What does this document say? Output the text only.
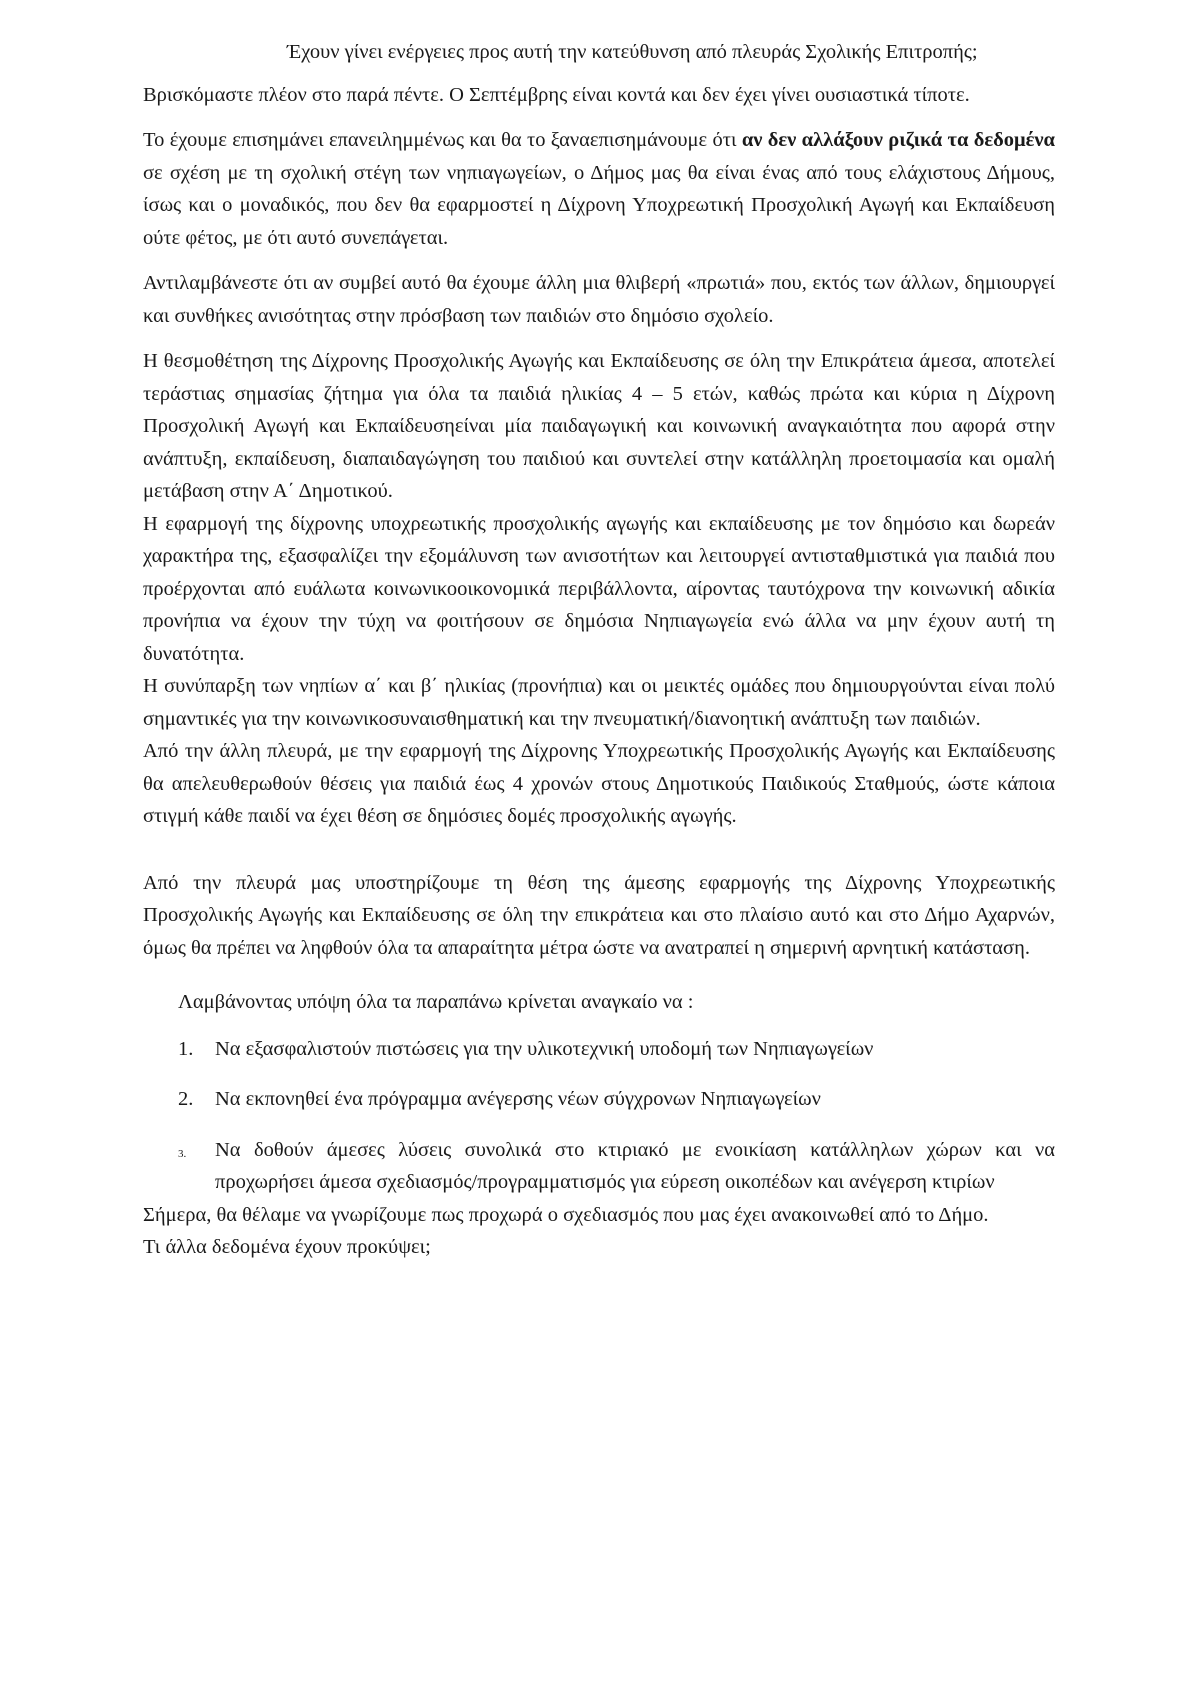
Έχουν γίνει ενέργειες προς αυτή την κατεύθυνση από πλευράς Σχολικής Επιτροπής;

Βρισκόμαστε πλέον στο παρά πέντε. Ο Σεπτέμβρης είναι κοντά και δεν έχει γίνει ουσιαστικά τίποτε.

Το έχουμε επισημάνει επανειλημμένως και θα το ξαναεπισημάνουμε ότι αν δεν αλλάξουν ριζικά τα δεδομένα σε σχέση με τη σχολική στέγη των νηπιαγωγείων, ο Δήμος μας θα είναι ένας από τους ελάχιστους Δήμους, ίσως και ο μοναδικός, που δεν θα εφαρμοστεί η Δίχρονη Υποχρεωτική Προσχολική Αγωγή και Εκπαίδευση ούτε φέτος, με ότι αυτό συνεπάγεται.

Αντιλαμβάνεστε ότι αν συμβεί αυτό θα έχουμε άλλη μια θλιβερή «πρωτιά» που, εκτός των άλλων, δημιουργεί και συνθήκες ανισότητας στην πρόσβαση των παιδιών στο δημόσιο σχολείο.

Η θεσμοθέτηση της Δίχρονης Προσχολικής Αγωγής και Εκπαίδευσης σε όλη την Επικράτεια άμεσα, αποτελεί τεράστιας σημασίας ζήτημα για όλα τα παιδιά ηλικίας 4 – 5 ετών, καθώς πρώτα και κύρια η Δίχρονη Προσχολική Αγωγή και Εκπαίδευσηείναι μία παιδαγωγική και κοινωνική αναγκαιότητα που αφορά στην ανάπτυξη, εκπαίδευση, διαπαιδαγώγηση του παιδιού και συντελεί στην κατάλληλη προετοιμασία και ομαλή μετάβαση στην Α΄ Δημοτικού.

Η εφαρμογή της δίχρονης υποχρεωτικής προσχολικής αγωγής και εκπαίδευσης με τον δημόσιο και δωρεάν χαρακτήρα της, εξασφαλίζει την εξομάλυνση των ανισοτήτων και λειτουργεί αντισταθμιστικά για παιδιά που προέρχονται από ευάλωτα κοινωνικοοικονομικά περιβάλλοντα, αίροντας ταυτόχρονα την κοινωνική αδικία προνήπια να έχουν την τύχη να φοιτήσουν σε δημόσια Νηπιαγωγεία ενώ άλλα να μην έχουν αυτή τη δυνατότητα.

Η συνύπαρξη των νηπίων α΄ και β΄ ηλικίας (προνήπια) και οι μεικτές ομάδες που δημιουργούνται είναι πολύ σημαντικές για την κοινωνικοσυναισθηματική και την πνευματική/διανοητική ανάπτυξη των παιδιών.

Από την άλλη πλευρά, με την εφαρμογή της Δίχρονης Υποχρεωτικής Προσχολικής Αγωγής και Εκπαίδευσης θα απελευθερωθούν θέσεις για παιδιά έως 4 χρονών στους Δημοτικούς Παιδικούς Σταθμούς, ώστε κάποια στιγμή κάθε παιδί να έχει θέση σε δημόσιες δομές προσχολικής αγωγής.

Από την πλευρά μας υποστηρίζουμε τη θέση της άμεσης εφαρμογής της Δίχρονης Υποχρεωτικής Προσχολικής Αγωγής και Εκπαίδευσης σε όλη την επικράτεια και στο πλαίσιο αυτό και στο Δήμο Αχαρνών, όμως θα πρέπει να ληφθούν όλα τα απαραίτητα μέτρα ώστε να ανατραπεί η σημερινή αρνητική κατάσταση.

Λαμβάνοντας υπόψη όλα τα παραπάνω κρίνεται αναγκαίο να :

1. Να εξασφαλιστούν πιστώσεις για την υλικοτεχνική υποδομή των Νηπιαγωγείων
2. Να εκπονηθεί ένα πρόγραμμα ανέγερσης νέων σύγχρονων Νηπιαγωγείων
3. Να δοθούν άμεσες λύσεις συνολικά στο κτιριακό με ενοικίαση κατάλληλων χώρων και να προχωρήσει άμεσα σχεδιασμός/προγραμματισμός για εύρεση οικοπέδων και ανέγερση κτιρίων

Σήμερα, θα θέλαμε να γνωρίζουμε πως προχωρά ο σχεδιασμός που μας έχει ανακοινωθεί από το Δήμο.

Τι άλλα δεδομένα έχουν προκύψει;
